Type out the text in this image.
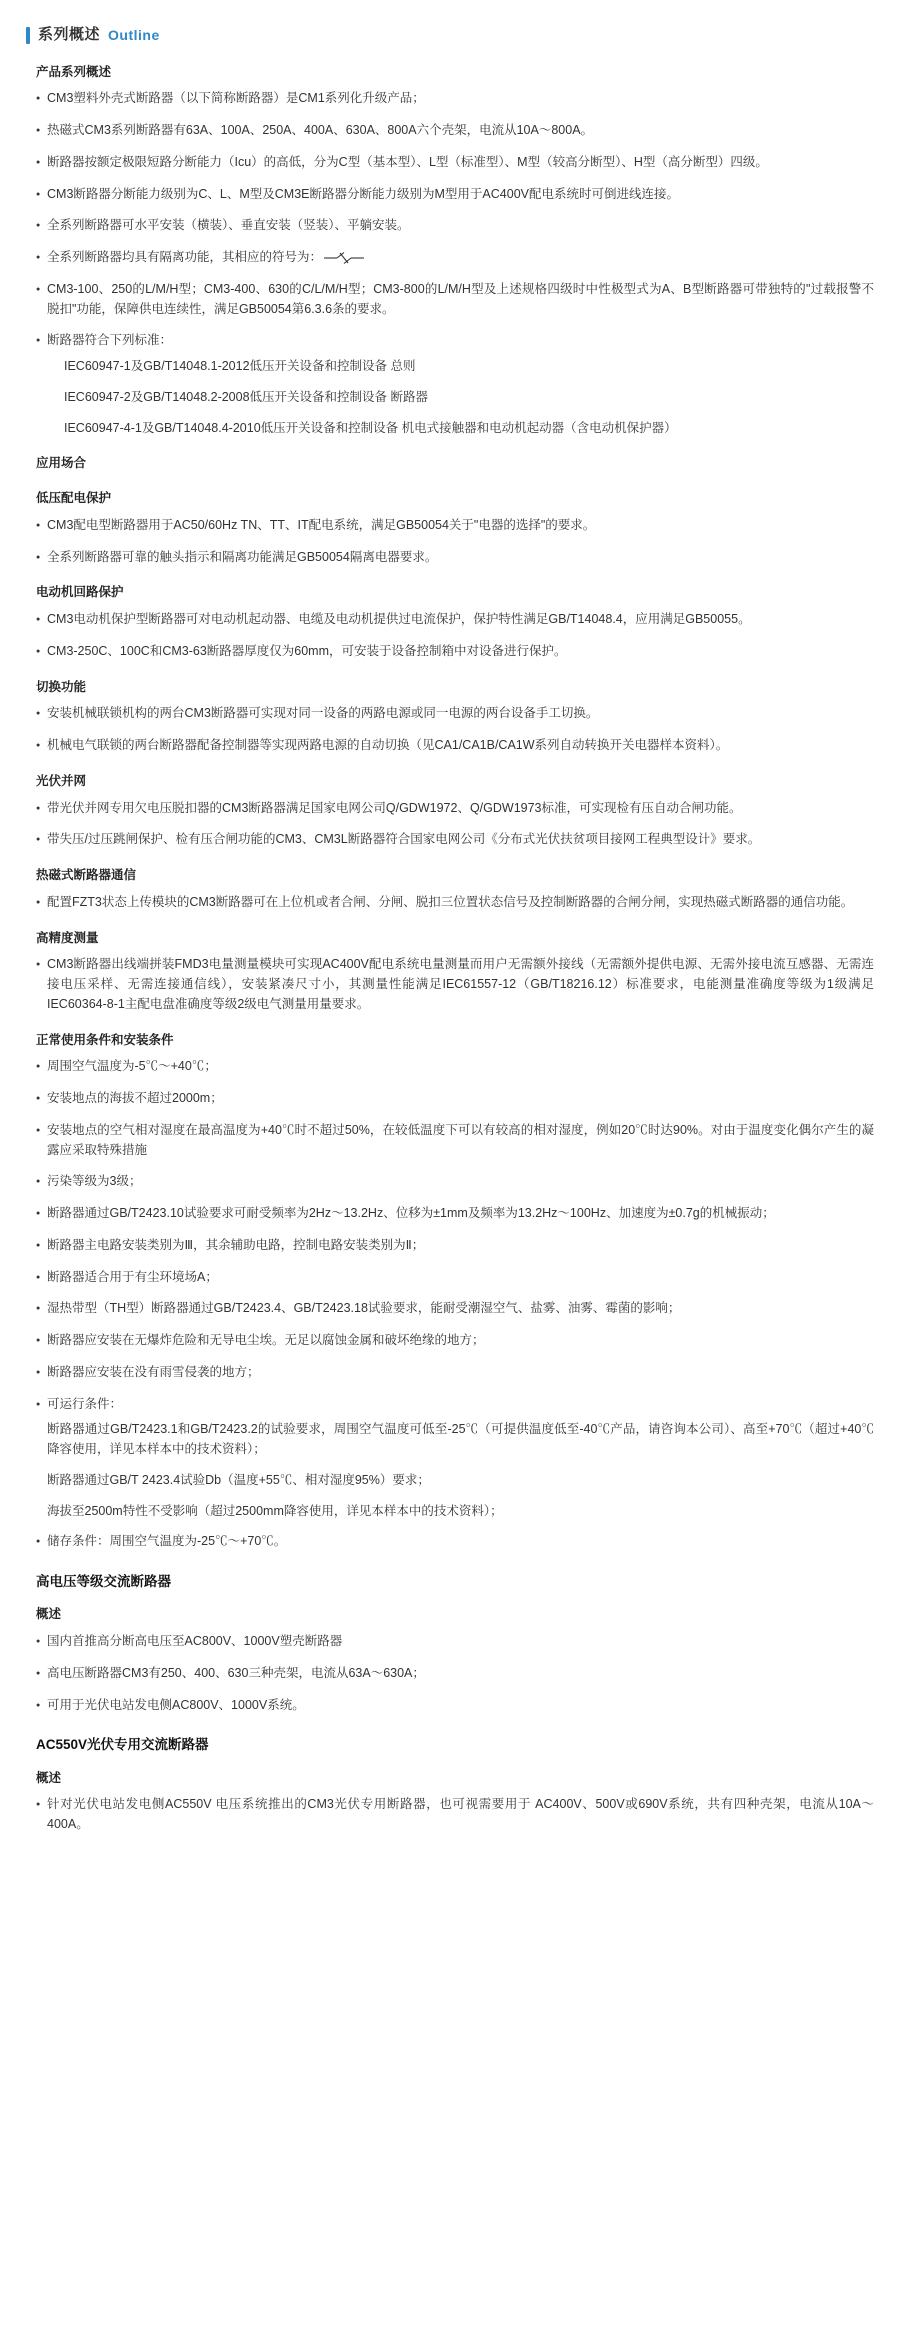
系列概述 Outline
产品系列概述
●
CM3塑料外壳式断路器（以下简称断路器）是CM1系列化升级产品；
●
热磁式CM3系列断路器有63A、100A、250A、400A、630A、800A六个壳架，电流从10A～800A。
●
断路器按额定极限短路分断能力（Icu）的高低，分为C型（基本型）、L型（标准型）、M型（较高分断型）、H型（高分断型）四级。
●
CM3断路器分断能力级别为C、L、M型及CM3E断路器分断能力级别为M型用于AC400V配电系统时可倒进线连接。
●
全系列断路器可水平安装（横装）、垂直安装（竖装）、平躺安装。
●
全系列断路器均具有隔离功能，其相应的符号为：
●
CM3-100、250的L/M/H型；CM3-400、630的C/L/M/H型；CM3-800的L/M/H型及上述规格四级时中性极型式为A、B型断路器可带独特的"过载报警不脱扣"功能，保障供电连续性，满足GB50054第6.3.6条的要求。
●
断路器符合下列标准：
IEC60947-1及GB/T14048.1-2012低压开关设备和控制设备 总则
IEC60947-2及GB/T14048.2-2008低压开关设备和控制设备 断路器
IEC60947-4-1及GB/T14048.4-2010低压开关设备和控制设备 机电式接触器和电动机起动器（含电动机保护器）
应用场合
低压配电保护
●
CM3配电型断路器用于AC50/60Hz TN、TT、IT配电系统，满足GB50054关于"电器的选择"的要求。
●
全系列断路器可靠的触头指示和隔离功能满足GB50054隔离电器要求。
电动机回路保护
●
CM3电动机保护型断路器可对电动机起动器、电缆及电动机提供过电流保护，保护特性满足GB/T14048.4，应用满足GB50055。
●
CM3-250C、100C和CM3-63断路器厚度仅为60mm，可安装于设备控制箱中对设备进行保护。
切换功能
●
安装机械联锁机构的两台CM3断路器可实现对同一设备的两路电源或同一电源的两台设备手工切换。
●
机械电气联锁的两台断路器配备控制器等实现两路电源的自动切换（见CA1/CA1B/CA1W系列自动转换开关电器样本资料）。
光伏并网
●
带光伏并网专用欠电压脱扣器的CM3断路器满足国家电网公司Q/GDW1972、Q/GDW1973标准，可实现检有压自动合闸功能。
●
带失压/过压跳闸保护、检有压合闸功能的CM3、CM3L断路器符合国家电网公司《分布式光伏扶贫项目接网工程典型设计》要求。
热磁式断路器通信
●
配置FZT3状态上传模块的CM3断路器可在上位机或者合闸、分闸、脱扣三位置状态信号及控制断路器的合闸分闸，实现热磁式断路器的通信功能。
高精度测量
●
CM3断路器出线端拼装FMD3电量测量模块可实现AC400V配电系统电量测量而用户无需额外接线（无需额外提供电源、无需外接电流互感器、无需连接电压采样、无需连接通信线），安装紧凑尺寸小，其测量性能满足IEC61557-12（GB/T18216.12）标准要求，电能测量准确度等级为1级满足IEC60364-8-1主配电盘准确度等级2级电气测量用量要求。
正常使用条件和安装条件
●
周围空气温度为-5℃～+40℃；
●
安装地点的海拔不超过2000m；
●
安装地点的空气相对湿度在最高温度为+40℃时不超过50%，在较低温度下可以有较高的相对湿度，例如20℃时达90%。对由于温度变化偶尔产生的凝露应采取特殊措施
●
污染等级为3级；
●
断路器通过GB/T2423.10试验要求可耐受频率为2Hz～13.2Hz、位移为±1mm及频率为13.2Hz～100Hz、加速度为±0.7g的机械振动；
●
断路器主电路安装类别为Ⅲ，其余辅助电路，控制电路安装类别为Ⅱ；
●
断路器适合用于有尘环境场A；
●
湿热带型（TH型）断路器通过GB/T2423.4、GB/T2423.18试验要求，能耐受潮湿空气、盐雾、油雾、霉菌的影响；
●
断路器应安装在无爆炸危险和无导电尘埃。无足以腐蚀金属和破坏绝缘的地方；
●
断路器应安装在没有雨雪侵袭的地方；
●
可运行条件：
断路器通过GB/T2423.1和GB/T2423.2的试验要求，周围空气温度可低至-25℃（可提供温度低至-40℃产品，请咨询本公司）、高至+70℃（超过+40℃降容使用，详见本样本中的技术资料）；
断路器通过GB/T 2423.4试验Db（温度+55℃、相对湿度95%）要求；
海拔至2500m特性不受影响（超过2500mm降容使用，详见本样本中的技术资料）；
●
储存条件：周围空气温度为-25℃～+70℃。
高电压等级交流断路器
概述
●
国内首推高分断高电压至AC800V、1000V塑壳断路器
●
高电压断路器CM3有250、400、630三种壳架，电流从63A～630A；
●
可用于光伏电站发电侧AC800V、1000V系统。
AC550V光伏专用交流断路器
概述
●
针对光伏电站发电侧AC550V 电压系统推出的CM3光伏专用断路器，也可视需要用于 AC400V、500V或690V系统，共有四种壳架，电流从10A～400A。
